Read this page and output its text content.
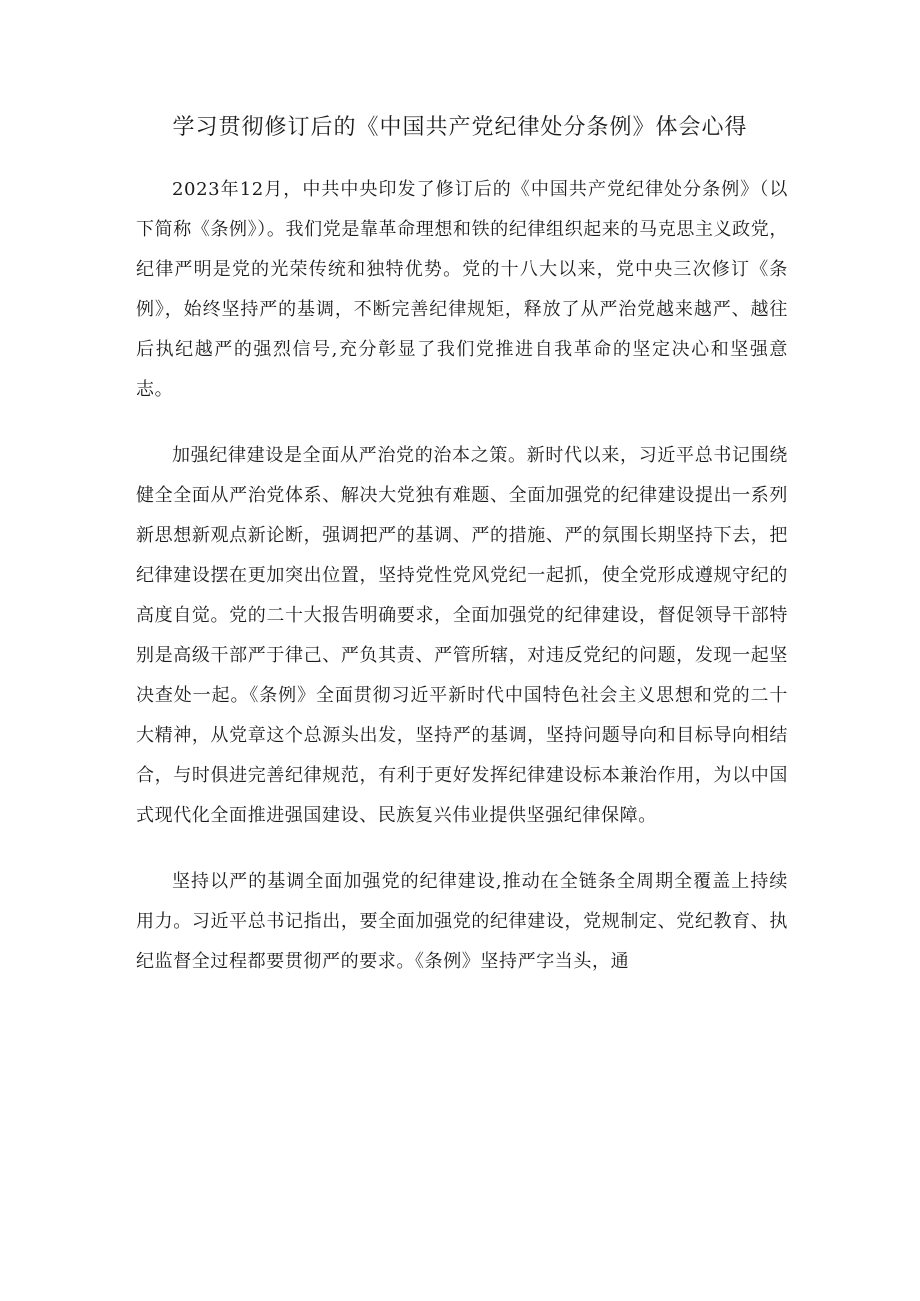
学习贯彻修订后的《中国共产党纪律处分条例》体会心得

2023年12月，中共中央印发了修订后的《中国共产党纪律处分条例》（以下简称《条例》）。我们党是靠革命理想和铁的纪律组织起来的马克思主义政党，纪律严明是党的光荣传统和独特优势。党的十八大以来，党中央三次修订《条例》，始终坚持严的基调，不断完善纪律规矩，释放了从严治党越来越严、越往后执纪越严的强烈信号,充分彰显了我们党推进自我革命的坚定决心和坚强意志。

加强纪律建设是全面从严治党的治本之策。新时代以来，习近平总书记围绕健全全面从严治党体系、解决大党独有难题、全面加强党的纪律建设提出一系列新思想新观点新论断，强调把严的基调、严的措施、严的氛围长期坚持下去，把纪律建设摆在更加突出位置，坚持党性党风党纪一起抓，使全党形成遵规守纪的高度自觉。党的二十大报告明确要求，全面加强党的纪律建设，督促领导干部特别是高级干部严于律己、严负其责、严管所辖，对违反党纪的问题，发现一起坚决查处一起。《条例》全面贯彻习近平新时代中国特色社会主义思想和党的二十大精神，从党章这个总源头出发，坚持严的基调，坚持问题导向和目标导向相结合，与时俱进完善纪律规范，有利于更好发挥纪律建设标本兼治作用，为以中国式现代化全面推进强国建设、民族复兴伟业提供坚强纪律保障。

坚持以严的基调全面加强党的纪律建设,推动在全链条全周期全覆盖上持续用力。习近平总书记指出，要全面加强党的纪律建设，党规制定、党纪教育、执纪监督全过程都要贯彻严的要求。《条例》坚持严字当头，通
